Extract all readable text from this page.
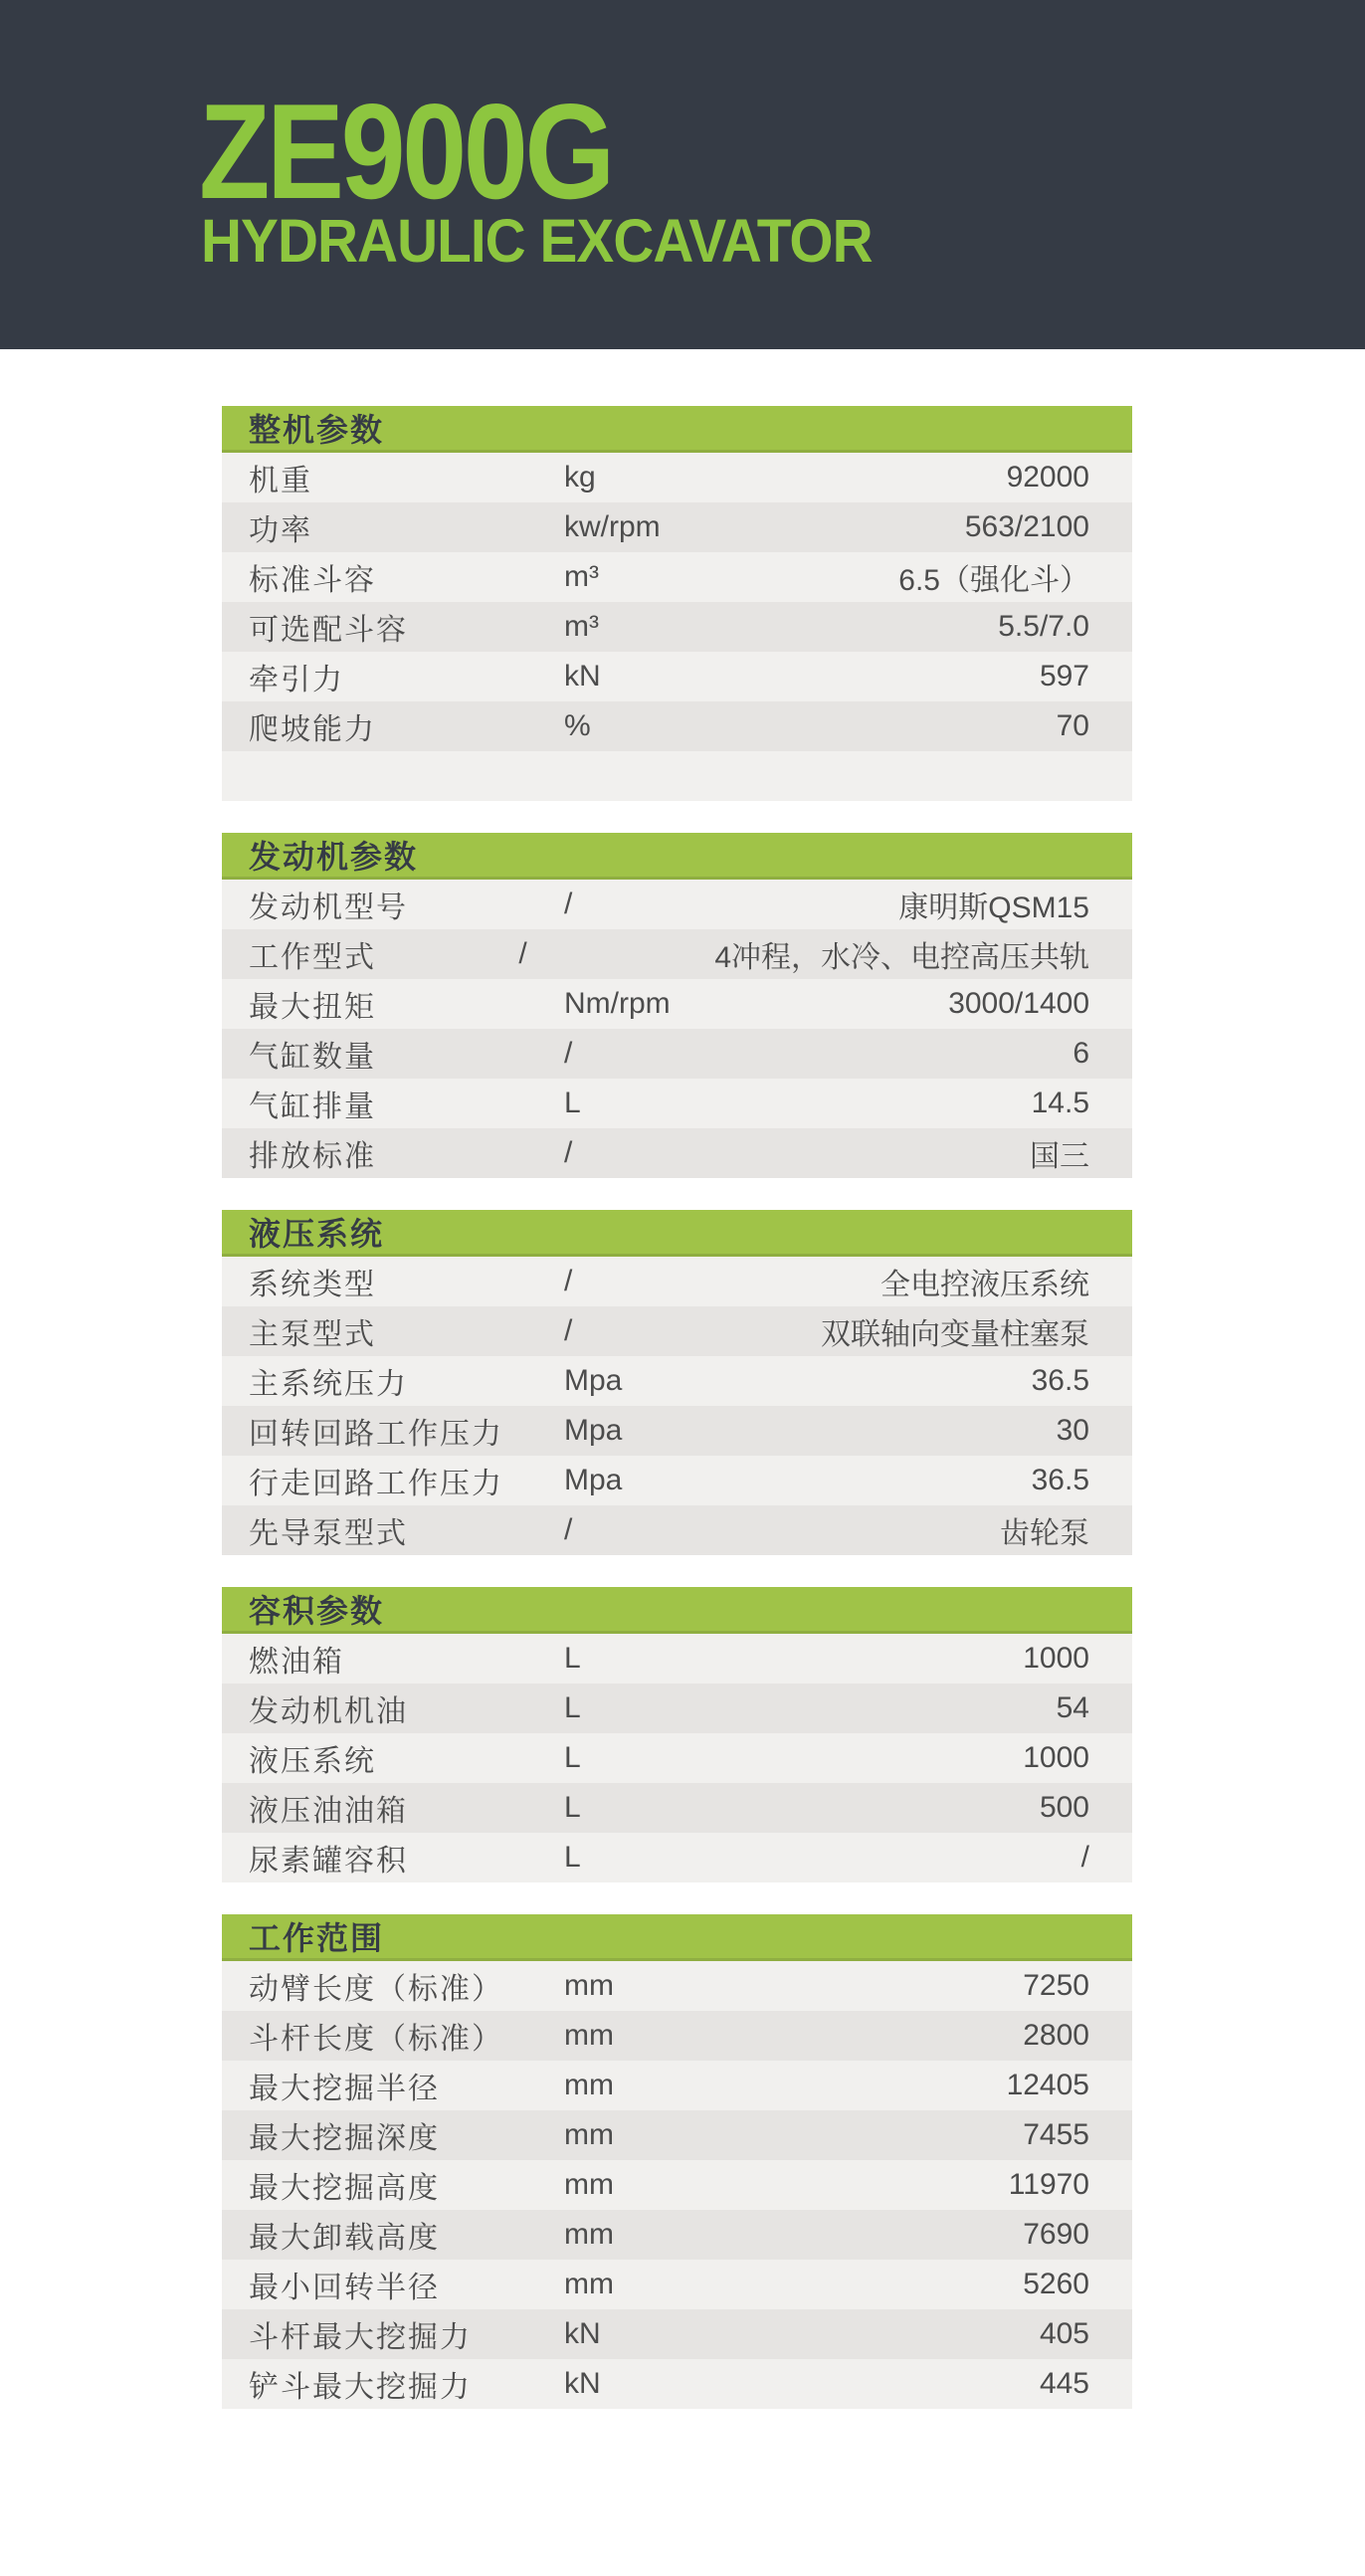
ZE900G
HYDRAULIC EXCAVATOR
整机参数
机重	kg	92000
功率	kw/rpm	563/2100
标准斗容	m³	6.5（强化斗）
可选配斗容	m³	5.5/7.0
牵引力	kN	597
爬坡能力	%	70
发动机参数
发动机型号	/	康明斯QSM15
工作型式	/	4冲程，水冷、电控高压共轨
最大扭矩	Nm/rpm	3000/1400
气缸数量	/	6
气缸排量	L	14.5
排放标准	/	国三
液压系统
系统类型	/	全电控液压系统
主泵型式	/	双联轴向变量柱塞泵
主系统压力	Mpa	36.5
回转回路工作压力	Mpa	30
行走回路工作压力	Mpa	36.5
先导泵型式	/	齿轮泵
容积参数
燃油箱	L	1000
发动机机油	L	54
液压系统	L	1000
液压油油箱	L	500
尿素罐容积	L	/
工作范围
动臂长度（标准）	mm	7250
斗杆长度（标准）	mm	2800
最大挖掘半径	mm	12405
最大挖掘深度	mm	7455
最大挖掘高度	mm	11970
最大卸载高度	mm	7690
最小回转半径	mm	5260
斗杆最大挖掘力	kN	405
铲斗最大挖掘力	kN	445
